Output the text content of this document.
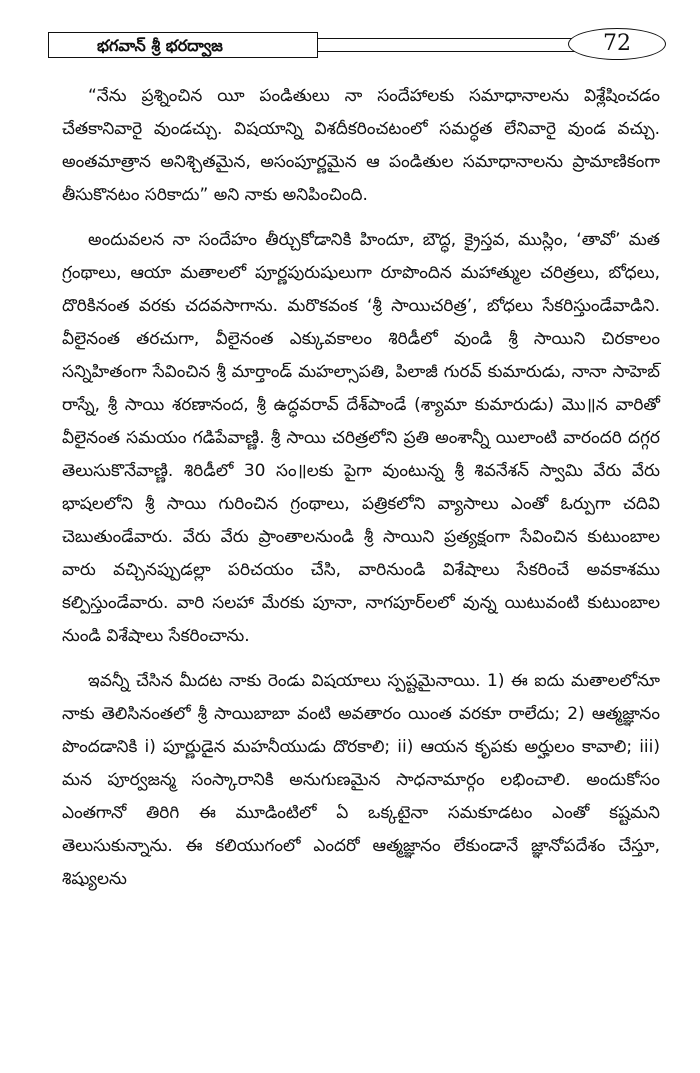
భగవాన్ శ్రీ భరద్వాజ	72

“నేను ప్రశ్నించిన యీ పండితులు నా సందేహాలకు సమాధానాలను విశ్లేషించడం చేతకానివారై వుండచ్చు. విషయాన్ని విశదీకరించటంలో సమర్ధత లేనివారై వుండ వచ్చు. అంతమాత్రాన అనిశ్చితమైన, అసంపూర్ణమైన ఆ పండితుల సమాధానాలను ప్రామాణికంగా తీసుకొనటం సరికాదు” అని నాకు అనిపించింది.

అందువలన నా సందేహం తీర్చుకోడానికి హిందూ, బౌద్ధ, క్రైస్తవ, ముస్లిం, ‘తావో’ మత గ్రంథాలు, ఆయా మతాలలో పూర్ణపురుషులుగా రూపొందిన మహాత్ముల చరిత్రలు, బోధలు, దొరికినంత వరకు చదవసాగాను. మరొకవంక ‘శ్రీ సాయిచరిత్ర’, బోధలు సేకరిస్తుండేవాడిని. వీలైనంత తరచుగా, వీలైనంత ఎక్కువకాలం శిరిడీలో వుండి శ్రీ సాయిని చిరకాలం సన్నిహితంగా సేవించిన శ్రీ మార్తాండ్ మహల్సాపతి, పిలాజీ గురవ్ కుమారుడు, నానా సాహెబ్ రాస్నే, శ్రీ సాయి శరణానంద, శ్రీ ఉద్ధవరావ్ దేశ్‌పాండే (శ్యామా కుమారుడు) మొ॥న వారితో వీలైనంత సమయం గడిపేవాణ్ణి. శ్రీ సాయి చరిత్రలోని ప్రతి అంశాన్నీ యిలాంటి వారందరి దగ్గర తెలుసుకొనేవాణ్ణి. శిరిడీలో 30 సం॥లకు పైగా వుంటున్న శ్రీ శివనేశన్ స్వామి వేరు వేరు భాషలలోని శ్రీ సాయి గురించిన గ్రంథాలు, పత్రికలోని వ్యాసాలు ఎంతో ఓర్పుగా చదివి చెబుతుండేవారు. వేరు వేరు ప్రాంతాలనుండి శ్రీ సాయిని ప్రత్యక్షంగా సేవించిన కుటుంబాల వారు వచ్చినప్పుడల్లా పరిచయం చేసి, వారినుండి విశేషాలు సేకరించే అవకాశము కల్పిస్తుండేవారు. వారి సలహా మేరకు పూనా, నాగపూర్‌లలో వున్న యిటువంటి కుటుంబాల నుండి విశేషాలు సేకరించాను.

ఇవన్నీ చేసిన మీదట నాకు రెండు విషయాలు స్పష్టమైనాయి. 1) ఈ ఐదు మతాలలోనూ నాకు తెలిసినంతలో శ్రీ సాయిబాబా వంటి అవతారం యింత వరకూ రాలేదు; 2) ఆత్మజ్ఞానం పొందడానికి i) పూర్ణుడైన మహనీయుడు దొరకాలి; ii) ఆయన కృపకు అర్హులం కావాలి; iii) మన పూర్వజన్మ సంస్కారానికి అనుగుణమైన సాధనామార్గం లభించాలి. అందుకోసం ఎంతగానో తిరిగి ఈ మూడింటిలో ఏ ఒక్కటైనా సమకూడటం ఎంతో కష్టమని తెలుసుకున్నాను. ఈ కలియుగంలో ఎందరో ఆత్మజ్ఞానం లేకుండానే జ్ఞానోపదేశం చేస్తూ, శిష్యులను
